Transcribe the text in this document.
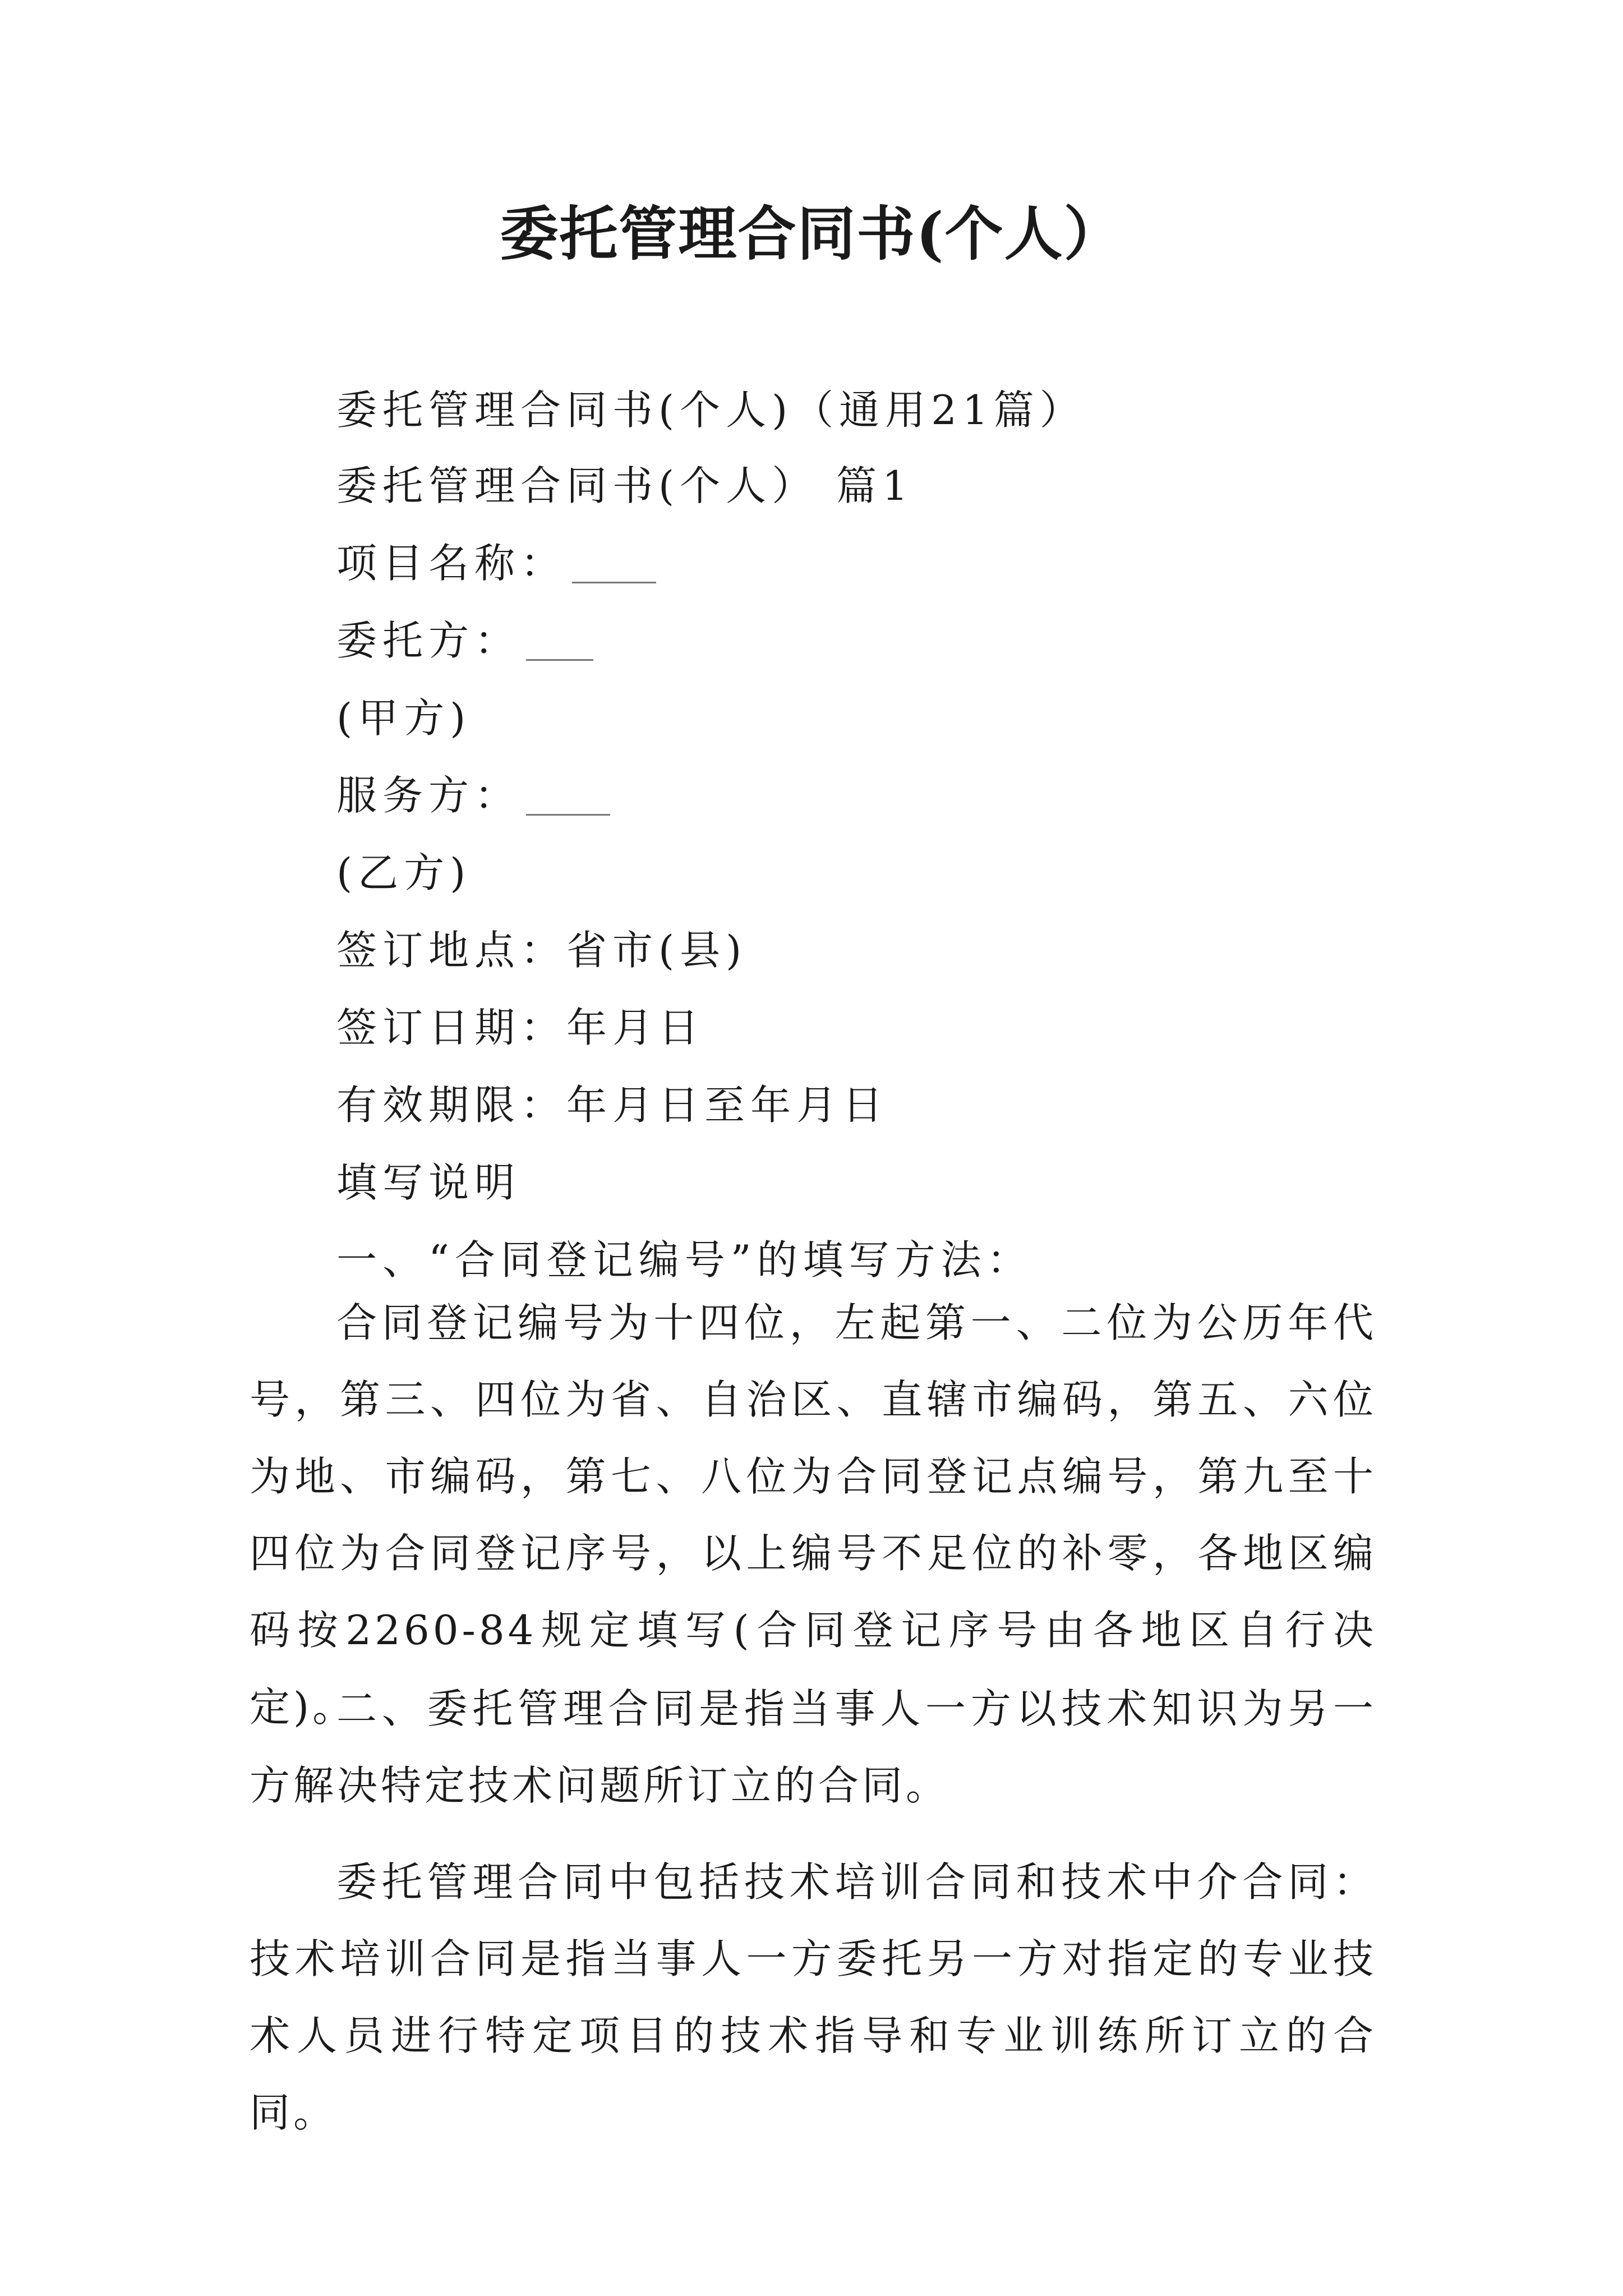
委托管理合同书(个人）

委托管理合同书(个人)（通用21篇）

委托管理合同书(个人） 篇1

项目名称：

委托方：

(甲方)

服务方：

(乙方)

签订地点：省市(县)

签订日期：年月日

有效期限：年月日至年月日

填写说明

一、“合同登记编号”的填写方法：

合同登记编号为十四位，左起第一、二位为公历年代号，第三、四位为省、自治区、直辖市编码，第五、六位为地、市编码，第七、八位为合同登记点编号，第九至十四位为合同登记序号，以上编号不足位的补零，各地区编码按2260-84规定填写(合同登记序号由各地区自行决定)。

二、委托管理合同是指当事人一方以技术知识为另一方解决特定技术问题所订立的合同。

委托管理合同中包括技术培训合同和技术中介合同：技术培训合同是指当事人一方委托另一方对指定的专业技术人员进行特定项目的技术指导和专业训练所订立的合同。
